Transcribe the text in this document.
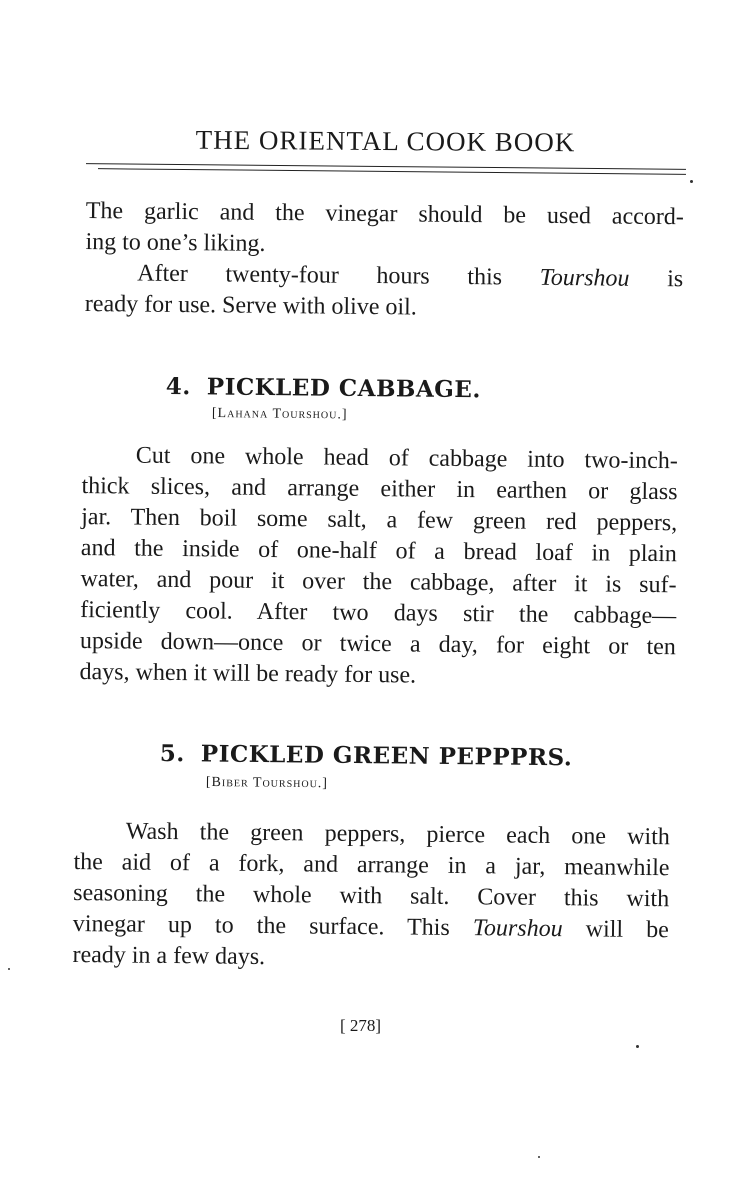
THE ORIENTAL COOK BOOK

The garlic and the vinegar should be used accord-
ing to one’s liking.

After twenty-four hours this Tourshou is
ready for use. Serve with olive oil.

4. PICKLED CABBAGE.
[Lahana Tourshou.]

Cut one whole head of cabbage into two-inch-
thick slices, and arrange either in earthen or glass
jar. Then boil some salt, a few green red peppers,
and the inside of one-half of a bread loaf in plain
water, and pour it over the cabbage, after it is suf-
ficiently cool. After two days stir the cabbage—
upside down—once or twice a day, for eight or ten
days, when it will be ready for use.

5. PICKLED GREEN PEPPPRS.
[Biber Tourshou.]

Wash the green peppers, pierce each one with
the aid of a fork, and arrange in a jar, meanwhile
seasoning the whole with salt. Cover this with
vinegar up to the surface. This Tourshou will be
ready in a few days.

[ 278]
